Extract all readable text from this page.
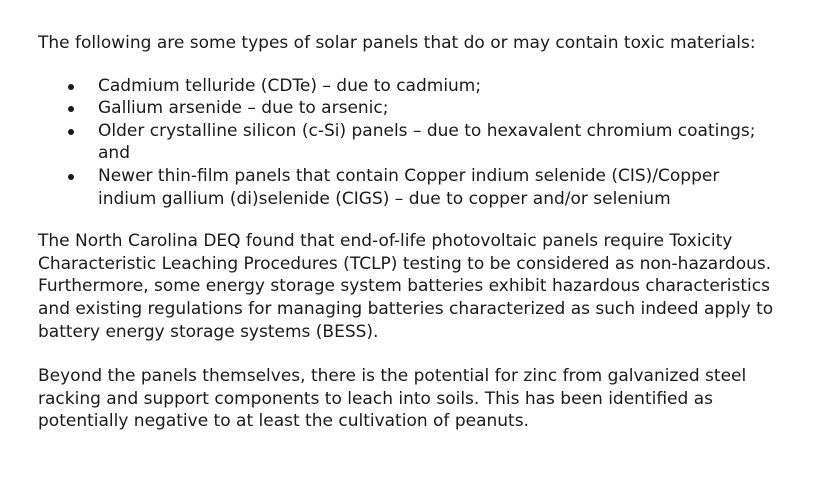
The following are some types of solar panels that do or may contain toxic materials:

Cadmium telluride (CDTe) – due to cadmium;
Gallium arsenide – due to arsenic;
Older crystalline silicon (c-Si) panels – due to hexavalent chromium coatings; and
Newer thin-film panels that contain Copper indium selenide (CIS)/Copper indium gallium (di)selenide (CIGS) – due to copper and/or selenium

The North Carolina DEQ found that end-of-life photovoltaic panels require Toxicity Characteristic Leaching Procedures (TCLP) testing to be considered as non-hazardous. Furthermore, some energy storage system batteries exhibit hazardous characteristics and existing regulations for managing batteries characterized as such indeed apply to battery energy storage systems (BESS).

Beyond the panels themselves, there is the potential for zinc from galvanized steel racking and support components to leach into soils. This has been identified as potentially negative to at least the cultivation of peanuts.
